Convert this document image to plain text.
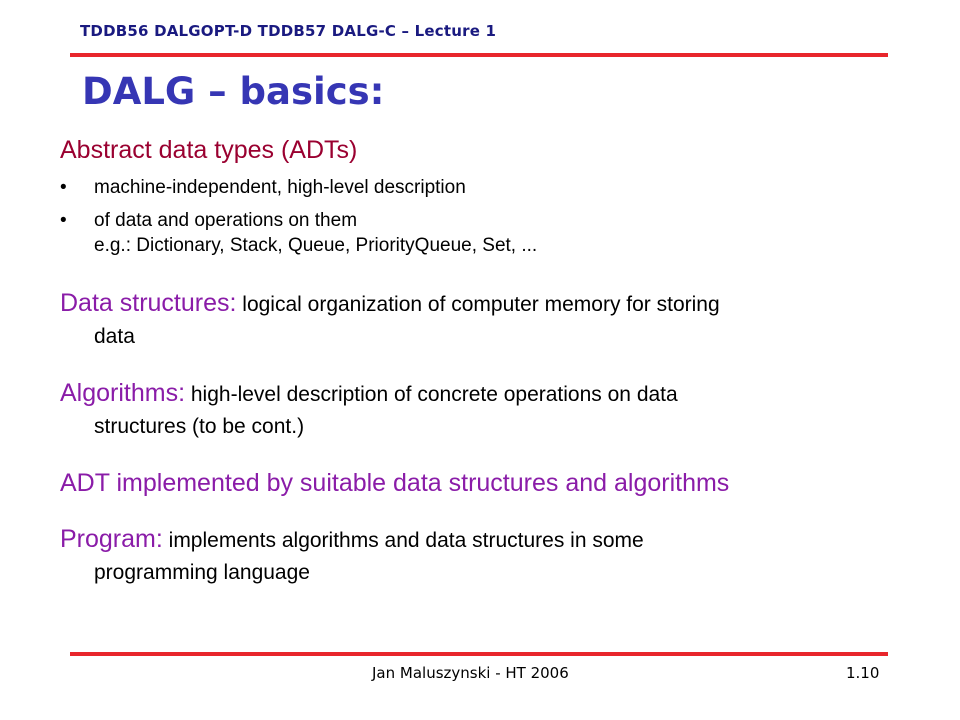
TDDB56 DALGOPT-D TDDB57 DALG-C – Lecture 1
DALG – basics:

Abstract data types (ADTs)

• machine-independent, high-level description
• of data and operations on them
e.g.: Dictionary, Stack, Queue, PriorityQueue, Set, ...

Data structures: logical organization of computer memory for storing
data

Algorithms: high-level description of concrete operations on data
structures (to be cont.)

ADT implemented by suitable data structures and algorithms

Program: implements algorithms and data structures in some
programming language

Jan Maluszynski - HT 2006	1.10
